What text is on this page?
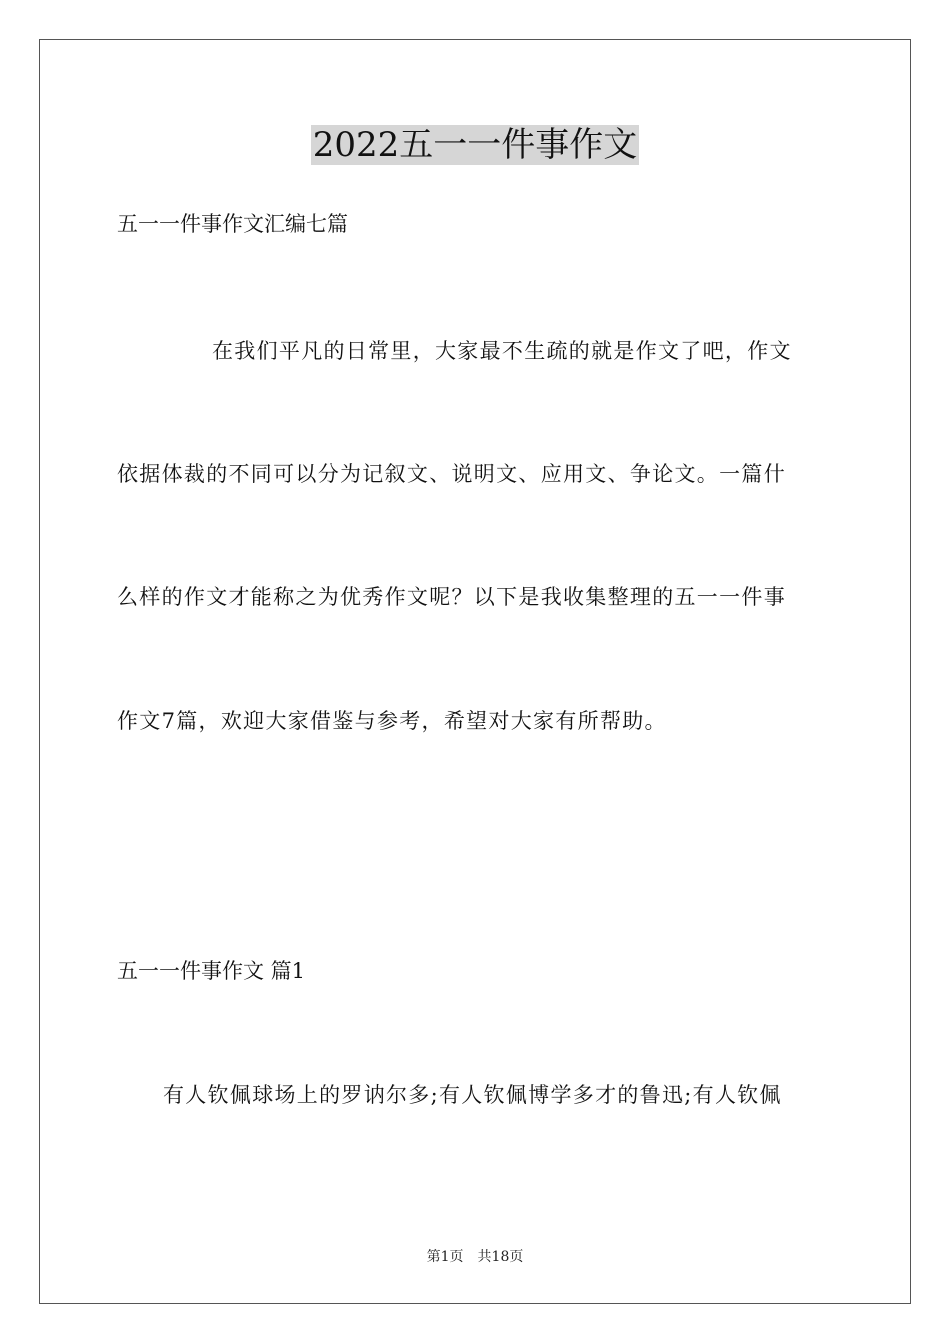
2022五一一件事作文
五一一件事作文汇编七篇
在我们平凡的日常里，大家最不生疏的就是作文了吧，作文
依据体裁的不同可以分为记叙文、说明文、应用文、争论文。一篇什
么样的作文才能称之为优秀作文呢？以下是我收集整理的五一一件事
作文7篇，欢迎大家借鉴与参考，希望对大家有所帮助。
五一一件事作文 篇1
有人钦佩球场上的罗讷尔多;有人钦佩博学多才的鲁迅;有人钦佩
第1页 共18页
